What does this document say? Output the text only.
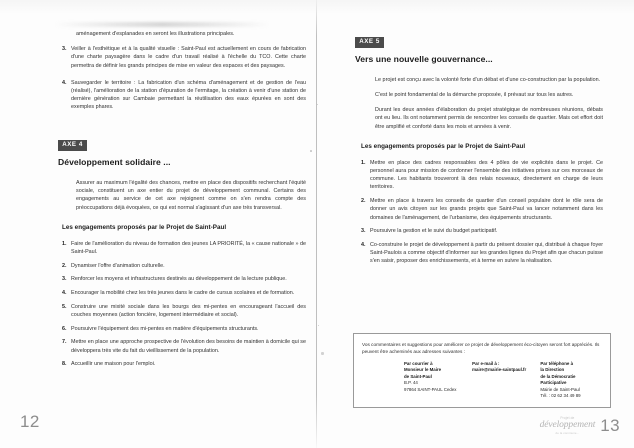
aménagement d'esplanades en seront les illustrations principales.

3. Veiller à l'esthétique et à la qualité visuelle : Saint-Paul est actuellement en cours de fabrication d'une charte paysagère dans le cadre d'un travail réalisé à l'échelle du TCO. Cette charte permettra de définir les grands principes de mise en valeur des espaces et des paysages.
4. Sauvegarder le territoire : La fabrication d'un schéma d'aménagement et de gestion de l'eau (réalisé), l'amélioration de la station d'épuration de l'ermitage, la création à venir d'une station de dernière génération sur Cambaie permettant la réutilisation des eaux épurées en sont des exemples phares.
AXE 4
Développement solidaire ...

Assurer au maximum l'égalité des chances, mettre en place des dispositifs recherchant l'équité sociale, constituent un axe entier du projet de développement communal. Certains des engagements au service de cet axe rejoignent comme on s'en rendra compte des préoccupations déjà évoquées, ce qui est normal s'agissant d'un axe très transversal.

Les engagements proposés par le Projet de Saint-Paul
1. Faire de l'amélioration du niveau de formation des jeunes LA PRIORITÉ, la « cause nationale » de Saint-Paul.
2. Dynamiser l'offre d'animation culturelle.
3. Renforcer les moyens et infrastructures destinés au développement de la lecture publique.
4. Encourager la mobilité chez les très jeunes dans le cadre de cursus scolaires et de formation.
5. Construire une mixité sociale dans les bourgs des mi-pentes en encourageant l'accueil des couches moyennes (action foncière, logement intermédiaire et social).
6. Poursuivre l'équipement des mi-pentes en matière d'équipements structurants.
7. Mettre en place une approche prospective de l'évolution des besoins de maintien à domicile qui se développera très vite du fait du vieillissement de la population.
8. Accueillir une maison pour l'emploi.
12
AXE 5
Vers une nouvelle gouvernance...

Le projet est conçu avec la volonté forte d'un débat et d'une co-construction par la population.

C'est le point fondamental de la démarche proposée, il prévaut sur tous les autres.

Durant les deux années d'élaboration du projet stratégique de nombreuses réunions, débats ont eu lieu. Ils ont notamment permis de rencontrer les conseils de quartier. Mais cet effort doit être amplifié et conforté dans les mois et années à venir.

Les engagements proposés par le Projet de Saint-Paul
1. Mettre en place des cadres responsables des 4 pôles de vie explicités dans le projet. Ce personnel aura pour mission de cordonner l'ensemble des initiatives prises sur ces morceaux de commune. Les habitants trouveront là des relais nouveaux, directement en charge de leurs territoires.
2. Mettre en place à travers les conseils de quartier d'un conseil populaire dont le rôle sera de donner un avis citoyen sur les grands projets que Saint-Paul va lancer notamment dans les domaines de l'aménagement, de l'urbanisme, des équipements structurants.
3. Poursuivre la gestion et le suivi du budget participatif.
4. Co-construire le projet de développement à partir du présent dossier qui, distribué à chaque foyer Saint-Paulois a comme objectif d'informer sur les grandes lignes du Projet afin que chacun puisse s'en saisir, proposer des enrichissements, et à terme en suivre la réalisation.

Vos commentaires et suggestions pour améliorer ce projet de développement éco-citoyen seront fort appréciés. Ils peuvent être acheminés aux adresses suivantes :

Par courrier à
Monsieur le Maire
de Saint-Paul
B.P. 44
97864 SAINT-PAUL Cedex
Par e-mail à :
maire@mairie-saintpaul.fr
Par téléphone à
la Direction
de la Démocratie
Participative
Mairie de Saint-Paul
Tél. : 02 62 34 49 89
Projet de
développement
de la commune...	13
